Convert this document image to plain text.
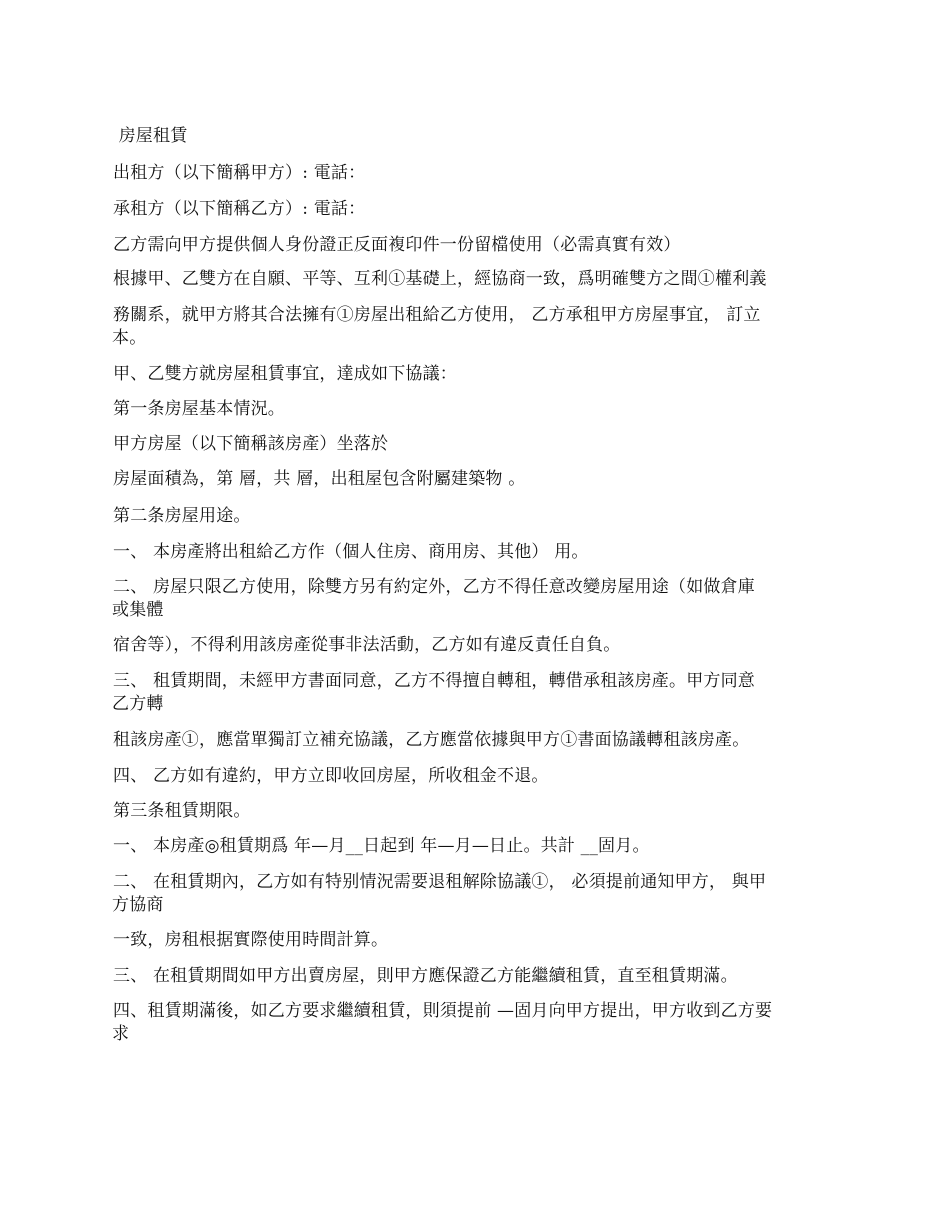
房屋租賃
出租方（以下簡稱甲方）: 電話：
承租方（以下簡稱乙方）: 電話：
乙方需向甲方提供個人身份證正反面複印件一份留檔使用（必需真實有效）
根據甲、乙雙方在自願、平等、互利①基礎上，經協商一致，爲明確雙方之間①權利義
務關系，就甲方將其合法擁有①房屋出租給乙方使用， 乙方承租甲方房屋事宜， 訂立
本。
甲、乙雙方就房屋租賃事宜，達成如下協議：
第一条房屋基本情況。
甲方房屋（以下簡稱該房產）坐落於
房屋面積為，第 層，共 層，出租屋包含附屬建築物 。
第二条房屋用途。
一、 本房產將出租給乙方作（個人住房、商用房、其他） 用。
二、 房屋只限乙方使用，除雙方另有約定外，乙方不得任意改變房屋用途（如做倉庫
或集體
宿舍等），不得利用該房產從事非法活動，乙方如有違反責任自負。
三、 租賃期間，未經甲方書面同意，乙方不得擅自轉租，轉借承租該房產。甲方同意
乙方轉
租該房產①，應當單獨訂立補充協議，乙方應當依據與甲方①書面協議轉租該房產。
四、 乙方如有違約，甲方立即收回房屋，所收租金不退。
第三条租賃期限。
一、 本房產◎租賃期爲 年—月__日起到 年—月—日止。共計 __固月。
二、 在租賃期內，乙方如有特别情況需要退租解除協議①， 必須提前通知甲方， 與甲
方協商
一致，房租根据實際使用時間計算。
三、 在租賃期間如甲方出賣房屋，則甲方應保證乙方能繼續租賃，直至租賃期滿。
四、租賃期滿後，如乙方要求繼續租賃，則須提前 —固月向甲方提出，甲方收到乙方要
求
